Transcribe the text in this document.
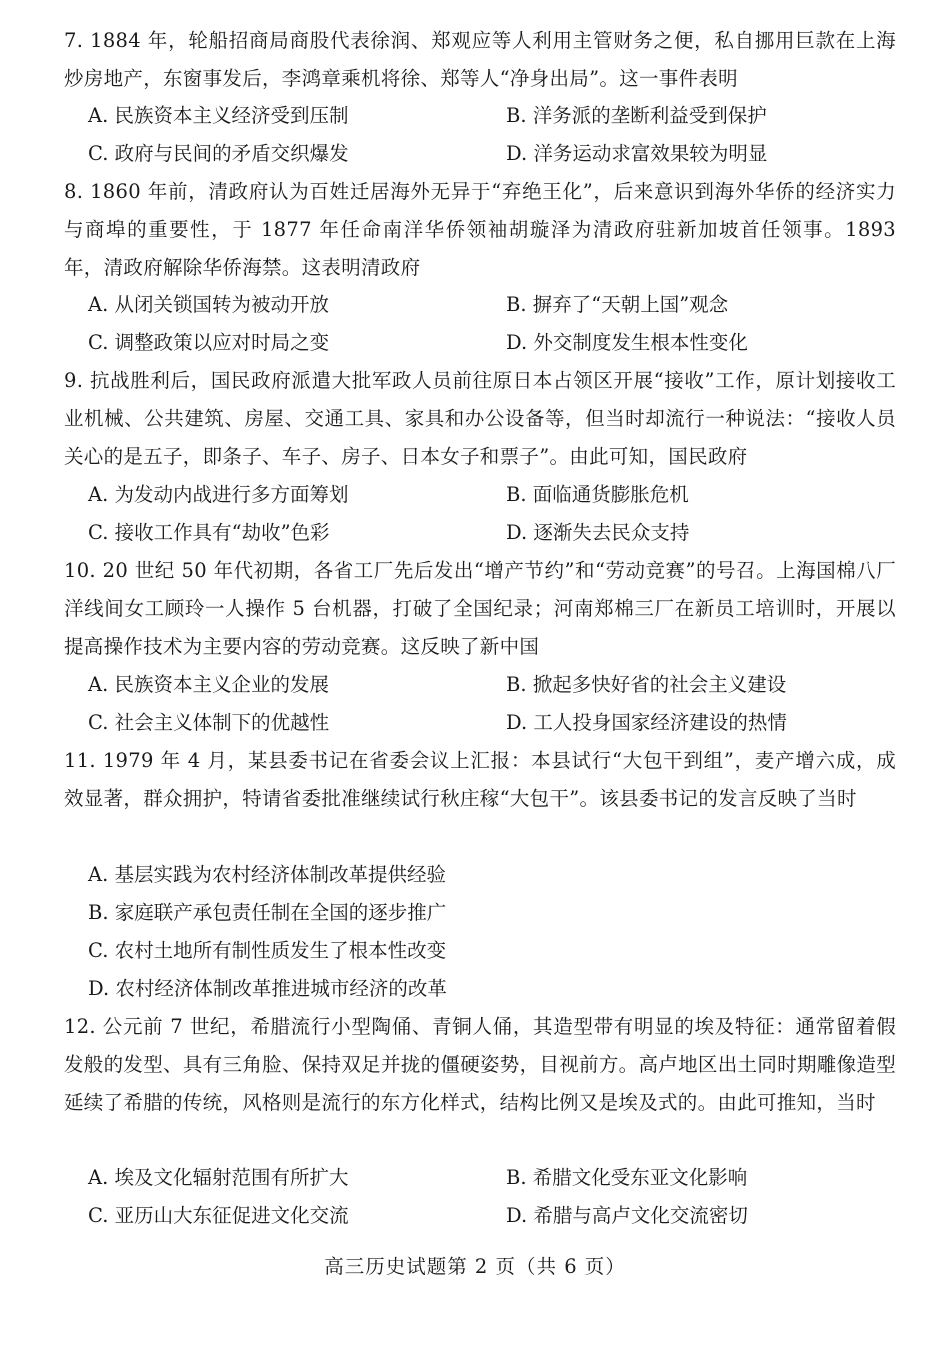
7. 1884 年，轮船招商局商股代表徐润、郑观应等人利用主管财务之便，私自挪用巨款在上海炒房地产，东窗事发后，李鸿章乘机将徐、郑等人“净身出局”。这一事件表明

A. 民族资本主义经济受到压制	B. 洋务派的垄断利益受到保护

C. 政府与民间的矛盾交织爆发	D. 洋务运动求富效果较为明显

8. 1860 年前，清政府认为百姓迁居海外无异于“弃绝王化”，后来意识到海外华侨的经济实力与商埠的重要性，于 1877 年任命南洋华侨领袖胡璇泽为清政府驻新加坡首任领事。1893 年，清政府解除华侨海禁。这表明清政府

A. 从闭关锁国转为被动开放	B. 摒弃了“天朝上国”观念

C. 调整政策以应对时局之变	D. 外交制度发生根本性变化

9. 抗战胜利后，国民政府派遣大批军政人员前往原日本占领区开展“接收”工作，原计划接收工业机械、公共建筑、房屋、交通工具、家具和办公设备等，但当时却流行一种说法：“接收人员关心的是五子，即条子、车子、房子、日本女子和票子”。由此可知，国民政府

A. 为发动内战进行多方面筹划	B. 面临通货膨胀危机

C. 接收工作具有“劫收”色彩	D. 逐渐失去民众支持

10. 20 世纪 50 年代初期，各省工厂先后发出“增产节约”和“劳动竞赛”的号召。上海国棉八厂洋线间女工顾玲一人操作 5 台机器，打破了全国纪录；河南郑棉三厂在新员工培训时，开展以提高操作技术为主要内容的劳动竞赛。这反映了新中国

A. 民族资本主义企业的发展	B. 掀起多快好省的社会主义建设

C. 社会主义体制下的优越性	D. 工人投身国家经济建设的热情

11. 1979 年 4 月，某县委书记在省委会议上汇报：本县试行“大包干到组”，麦产增六成，成效显著，群众拥护，特请省委批准继续试行秋庄稼“大包干”。该县委书记的发言反映了当时

A. 基层实践为农村经济体制改革提供经验

B. 家庭联产承包责任制在全国的逐步推广

C. 农村土地所有制性质发生了根本性改变

D. 农村经济体制改革推进城市经济的改革

12. 公元前 7 世纪，希腊流行小型陶俑、青铜人俑，其造型带有明显的埃及特征：通常留着假发般的发型、具有三角脸、保持双足并拢的僵硬姿势，目视前方。高卢地区出土同时期雕像造型延续了希腊的传统，风格则是流行的东方化样式，结构比例又是埃及式的。由此可推知，当时

A. 埃及文化辐射范围有所扩大	B. 希腊文化受东亚文化影响

C. 亚历山大东征促进文化交流	D. 希腊与高卢文化交流密切

高三历史试题第 2 页（共 6 页）
